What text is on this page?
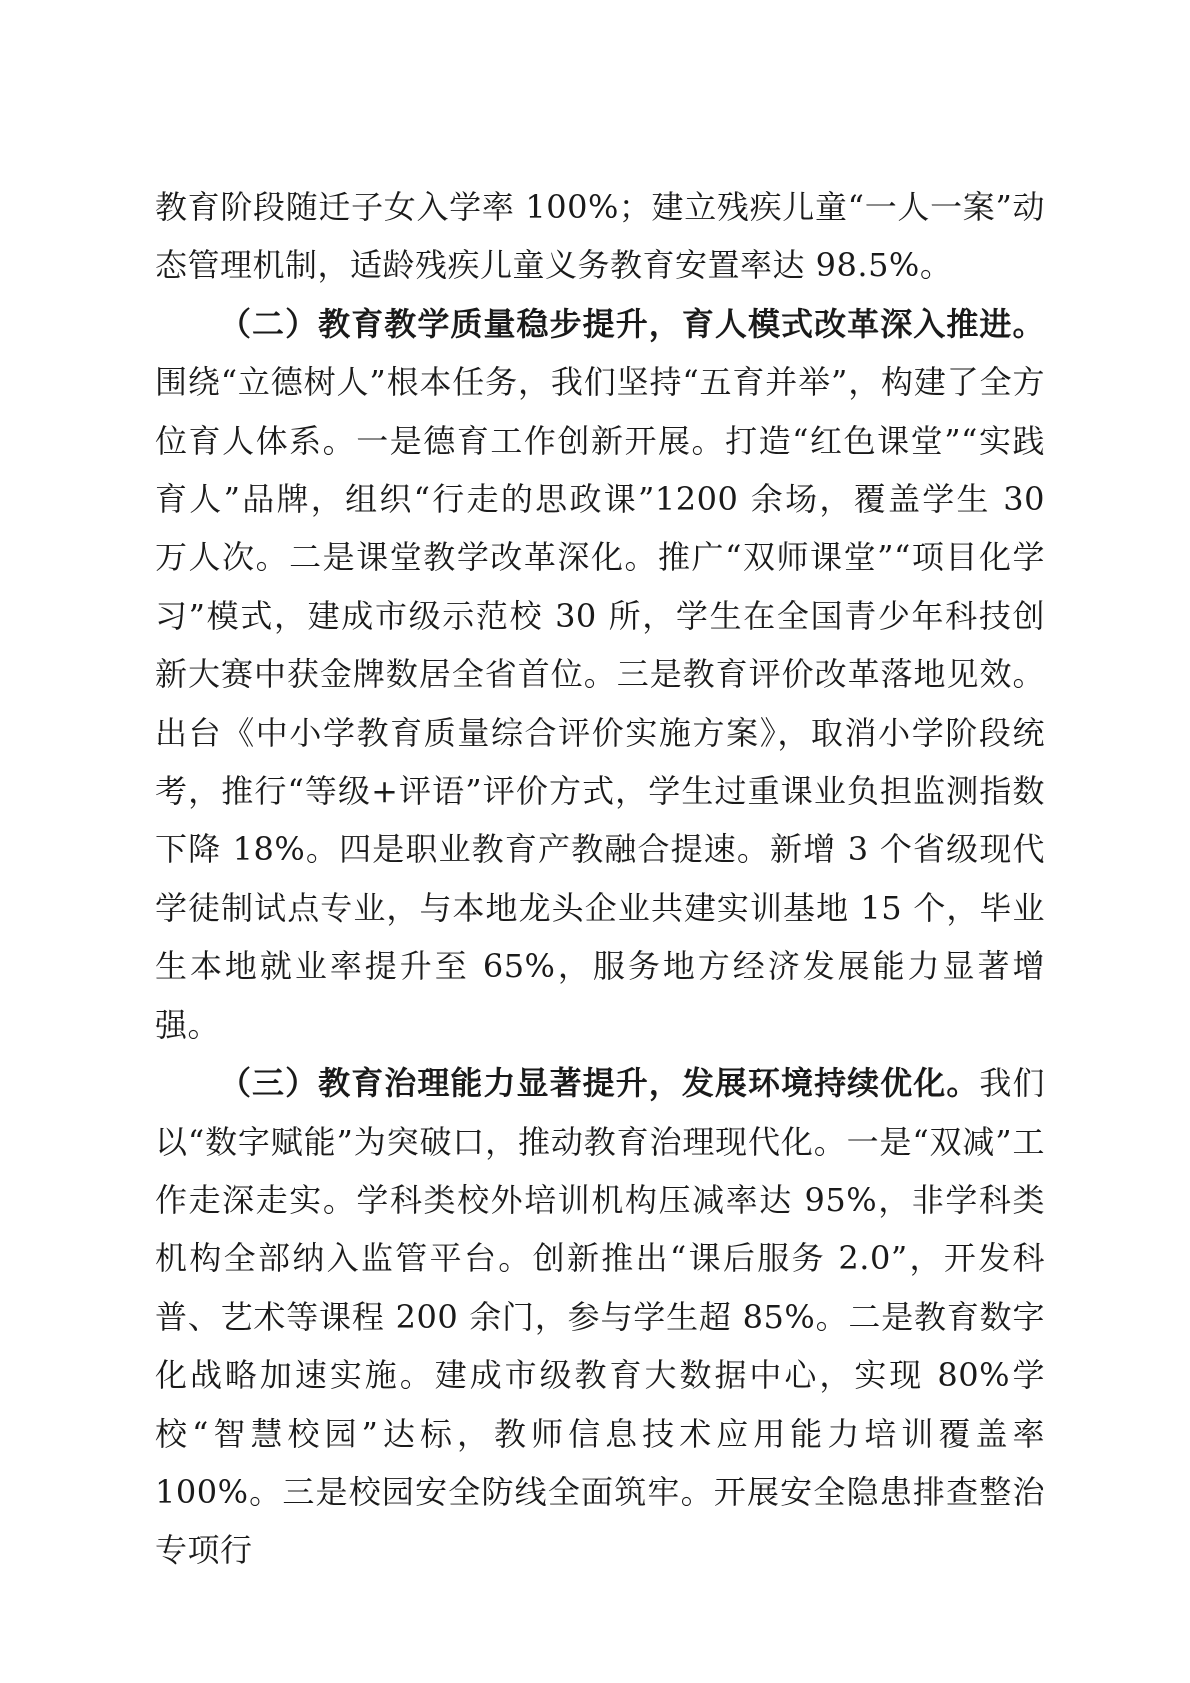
教育阶段随迁子女入学率 100%；建立残疾儿童“一人一案”动态管理机制，适龄残疾儿童义务教育安置率达 98.5%。

（二）教育教学质量稳步提升，育人模式改革深入推进。围绕“立德树人”根本任务，我们坚持“五育并举”，构建了全方位育人体系。一是德育工作创新开展。打造“红色课堂”“实践育人”品牌，组织“行走的思政课”1200 余场，覆盖学生 30 万人次。二是课堂教学改革深化。推广“双师课堂”“项目化学习”模式，建成市级示范校 30 所，学生在全国青少年科技创新大赛中获金牌数居全省首位。三是教育评价改革落地见效。出台《中小学教育质量综合评价实施方案》，取消小学阶段统考，推行“等级+评语”评价方式，学生过重课业负担监测指数下降 18%。四是职业教育产教融合提速。新增 3 个省级现代学徒制试点专业，与本地龙头企业共建实训基地 15 个，毕业生本地就业率提升至 65%，服务地方经济发展能力显著增强。

（三）教育治理能力显著提升，发展环境持续优化。我们以“数字赋能”为突破口，推动教育治理现代化。一是“双减”工作走深走实。学科类校外培训机构压减率达 95%，非学科类机构全部纳入监管平台。创新推出“课后服务 2.0”，开发科普、艺术等课程 200 余门，参与学生超 85%。二是教育数字化战略加速实施。建成市级教育大数据中心，实现 80%学校“智慧校园”达标，教师信息技术应用能力培训覆盖率 100%。三是校园安全防线全面筑牢。开展安全隐患排查整治专项行
